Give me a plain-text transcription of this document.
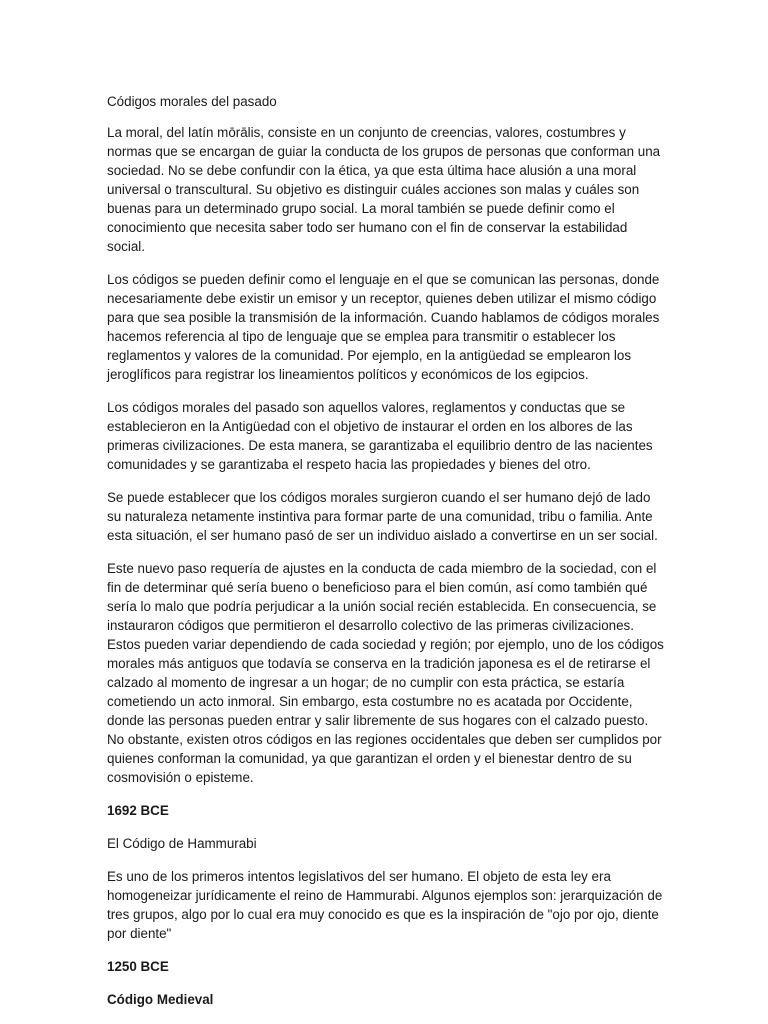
Códigos morales del pasado

La moral, del latín mōrālis, consiste en un conjunto de creencias, valores, costumbres y normas que se encargan de guiar la conducta de los grupos de personas que conforman una sociedad. No se debe confundir con la ética, ya que esta última hace alusión a una moral universal o transcultural. Su objetivo es distinguir cuáles acciones son malas y cuáles son buenas para un determinado grupo social. La moral también se puede definir como el conocimiento que necesita saber todo ser humano con el fin de conservar la estabilidad social.

Los códigos se pueden definir como el lenguaje en el que se comunican las personas, donde necesariamente debe existir un emisor y un receptor, quienes deben utilizar el mismo código para que sea posible la transmisión de la información. Cuando hablamos de códigos morales hacemos referencia al tipo de lenguaje que se emplea para transmitir o establecer los reglamentos y valores de la comunidad. Por ejemplo, en la antigüedad se emplearon los jeroglíficos para registrar los lineamientos políticos y económicos de los egipcios.

Los códigos morales del pasado son aquellos valores, reglamentos y conductas que se establecieron en la Antigüedad con el objetivo de instaurar el orden en los albores de las primeras civilizaciones. De esta manera, se garantizaba el equilibrio dentro de las nacientes comunidades y se garantizaba el respeto hacia las propiedades y bienes del otro.

Se puede establecer que los códigos morales surgieron cuando el ser humano dejó de lado su naturaleza netamente instintiva para formar parte de una comunidad, tribu o familia. Ante esta situación, el ser humano pasó de ser un individuo aislado a convertirse en un ser social.

Este nuevo paso requería de ajustes en la conducta de cada miembro de la sociedad, con el fin de determinar qué sería bueno o beneficioso para el bien común, así como también qué sería lo malo que podría perjudicar a la unión social recién establecida. En consecuencia, se instauraron códigos que permitieron el desarrollo colectivo de las primeras civilizaciones. Estos pueden variar dependiendo de cada sociedad y región; por ejemplo, uno de los códigos morales más antiguos que todavía se conserva en la tradición japonesa es el de retirarse el calzado al momento de ingresar a un hogar; de no cumplir con esta práctica, se estaría cometiendo un acto inmoral. Sin embargo, esta costumbre no es acatada por Occidente, donde las personas pueden entrar y salir libremente de sus hogares con el calzado puesto. No obstante, existen otros códigos en las regiones occidentales que deben ser cumplidos por quienes conforman la comunidad, ya que garantizan el orden y el bienestar dentro de su cosmovisión o episteme.

1692 BCE

El Código de Hammurabi

Es uno de los primeros intentos legislativos del ser humano. El objeto de esta ley era homogeneizar jurídicamente el reino de Hammurabi. Algunos ejemplos son: jerarquización de tres grupos, algo por lo cual era muy conocido es que es la inspiración de "ojo por ojo, diente por diente"

1250 BCE

Código Medieval
